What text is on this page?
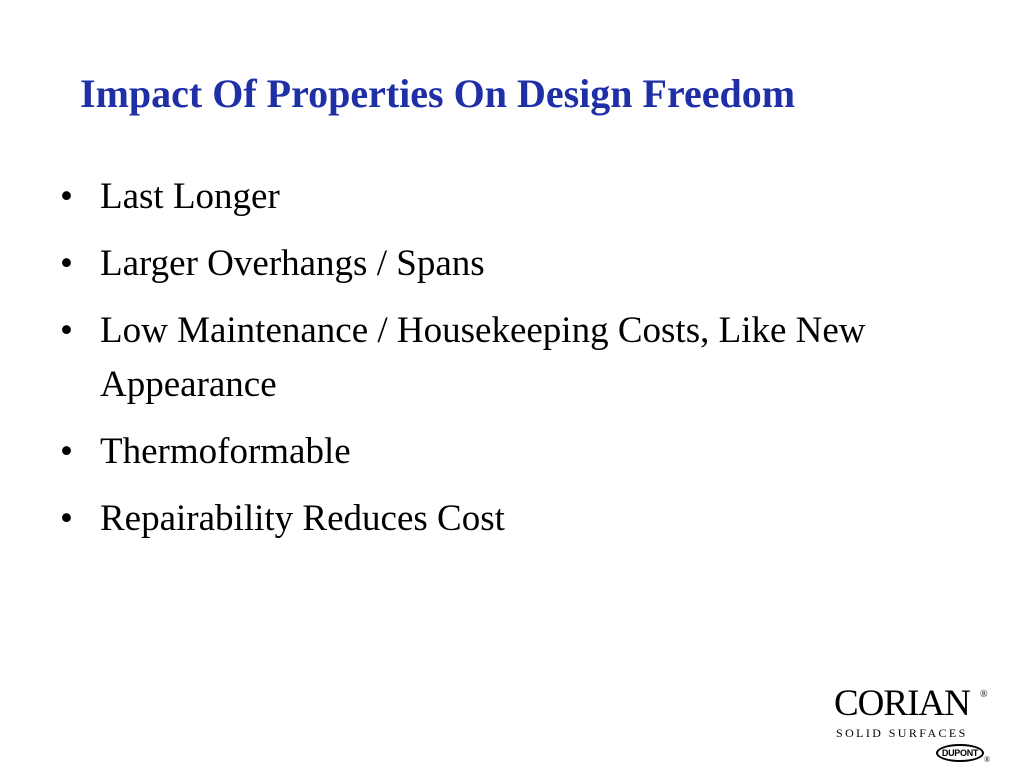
Impact Of Properties On Design Freedom
• Last Longer
• Larger Overhangs / Spans
• Low Maintenance / Housekeeping Costs, Like New Appearance
• Thermoformable
• Repairability Reduces Cost
CORIAN ®
SOLID SURFACES
DUPONT
®
